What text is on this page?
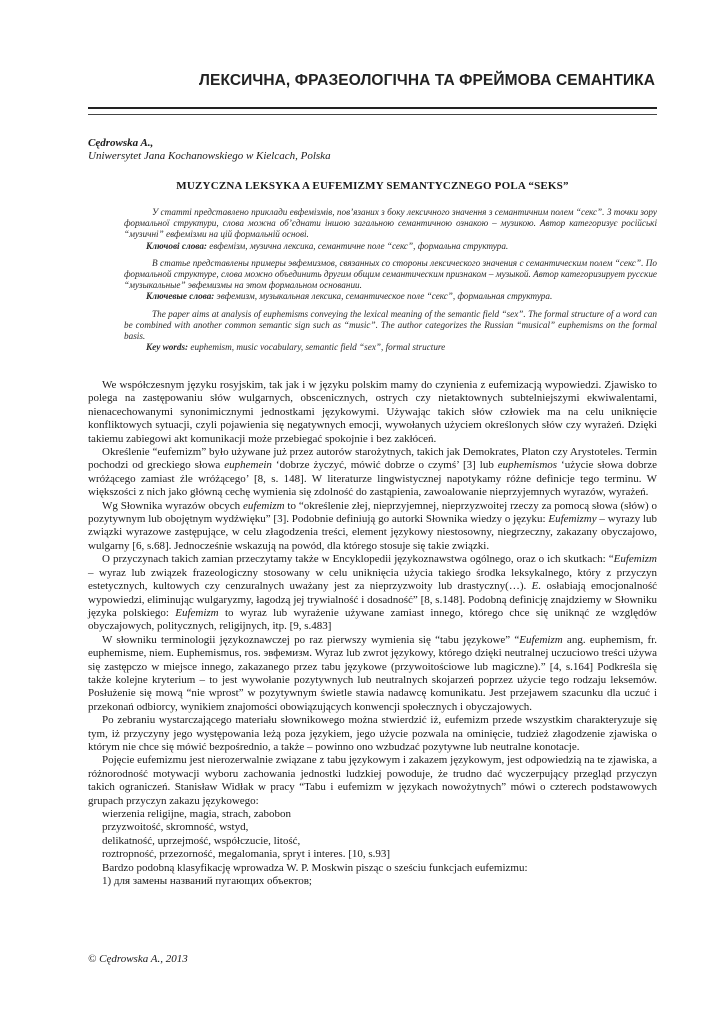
ЛЕКСИЧНА, ФРАЗЕОЛОГІЧНА ТА ФРЕЙМОВА СЕМАНТИКА
Cędrowska A.,
Uniwersytet Jana Kochanowskiego w Kielcach, Polska
MUZYCZNA LEKSYKA A EUFEMIZMY SEMANTYCZNEGO POLA “SEKS”

У статті представлено приклади евфемізмів, пов’язаних з боку лексичного значення з семантичним полем “секс”. З точки зору формальної структури, слова можна об’єднати іншою загальною семантичною ознакою – музикою. Автор категоризує російські “музичні” евфемізми на цій формальній основі.

Ключові слова: евфемізм, музична лексика, семантичне поле “секс”, формальна структура.

В статье представлены примеры эвфемизмов, связанных со стороны лексического значения с семантическим полем “секс”. По формальной структуре, слова можно объединить другим общим семантическим признаком – музыкой. Автор категоризирует русские “музыкальные” эвфемизмы на этом формальном основании.

Ключевые слова: эвфемизм, музыкальная лексика, семантическое поле “секс”, формальная структура.

The paper aims at analysis of euphemisms conveying the lexical meaning of the semantic field “sex”. The formal structure of a word can be combined with another common semantic sign such as “music”. The author categorizes the Russian “musical” euphemisms on the formal basis.

Key words: euphemism, music vocabulary, semantic field “sex”, formal structure

We współczesnym języku rosyjskim, tak jak i w języku polskim mamy do czynienia z eufemizacją wypowiedzi. Zjawisko to polega na zastępowaniu słów wulgarnych, obscenicznych, ostrych czy nietaktownych subtelniejszymi ekwiwalentami, nienacechowanymi synonimicznymi jednostkami językowymi. Używając takich słów człowiek ma na celu uniknięcie konfliktowych sytuacji, czyli pojawienia się negatywnych emocji, wywołanych użyciem określonych słów czy wyrażeń. Dzięki takiemu zabiegowi akt komunikacji może przebiegać spokojnie i bez zakłóceń.

Określenie “eufemizm” było używane już przez autorów starożytnych, takich jak Demokrates, Platon czy Arystoteles. Termin pochodzi od greckiego słowa euphemein ‘dobrze życzyć, mówić dobrze o czymś’ [3] lub euphemismos ‘użycie słowa dobrze wróżącego zamiast źle wróżącego’ [8, s. 148]. W literaturze lingwistycznej napotykamy różne definicje tego terminu. W większości z nich jako główną cechę wymienia się zdolność do zastąpienia, zawoalowanie nieprzyjemnych wyrazów, wyrażeń.

Wg Słownika wyrazów obcych eufemizm to “określenie złej, nieprzyjemnej, nieprzyzwoitej rzeczy za pomocą słowa (słów) o pozytywnym lub obojętnym wydźwięku” [3]. Podobnie definiują go autorki Słownika wiedzy o języku: Eufemizmy – wyrazy lub związki wyrazowe zastępujące, w celu złagodzenia treści, element językowy niestosowny, niegrzeczny, zakazany obyczajowo, wulgarny [6, s.68]. Jednocześnie wskazują na powód, dla którego stosuje się takie związki.

O przyczynach takich zamian przeczytamy także w Encyklopedii językoznawstwa ogólnego, oraz o ich skutkach: “Eufemizm – wyraz lub związek frazeologiczny stosowany w celu uniknięcia użycia takiego środka leksykalnego, który z przyczyn estetycznych, kultowych czy cenzuralnych uważany jest za nieprzyzwoity lub drastyczny(…). E. osłabiają emocjonalność wypowiedzi, eliminując wulgaryzmy, łagodzą jej trywialność i dosadność” [8, s.148]. Podobną definicję znajdziemy w Słowniku języka polskiego: Eufemizm to wyraz lub wyrażenie używane zamiast innego, którego chce się uniknąć ze względów obyczajowych, politycznych, religijnych, itp. [9, s.483]

W słowniku terminologii językoznawczej po raz pierwszy wymienia się “tabu językowe” “Eufemizm ang. euphemism, fr. euphemisme, niem. Euphemismus, ros. эвфемизм. Wyraz lub zwrot językowy, którego dzięki neutralnej uczuciowo treści używa się zastępczo w miejsce innego, zakazanego przez tabu językowe (przywoitościowe lub magiczne).” [4, s.164] Podkreśla się także kolejne kryterium – to jest wywołanie pozytywnych lub neutralnych skojarzeń poprzez użycie tego rodzaju leksemów. Posłużenie się mową “nie wprost” w pozytywnym świetle stawia nadawcę komunikatu. Jest przejawem szacunku dla uczuć i przekonań odbiorcy, wynikiem znajomości obowiązujących konwencji społecznych i obyczajowych.

Po zebraniu wystarczającego materiału słownikowego można stwierdzić iż, eufemizm przede wszystkim charakteryzuje się tym, iż przyczyny jego występowania leżą poza językiem, jego użycie pozwala na ominięcie, tudzież złagodzenie zjawiska o którym nie chce się mówić bezpośrednio, a także – powinno ono wzbudzać pozytywne lub neutralne konotacje.

Pojęcie eufemizmu jest nierozerwalnie związane z tabu językowym i zakazem językowym, jest odpowiedzią na te zjawiska, a różnorodność motywacji wyboru zachowania jednostki ludzkiej powoduje, że trudno dać wyczerpujący przegląd przyczyn takich ograniczeń. Stanisław Widłak w pracy “Tabu i eufemizm w językach nowożytnych” mówi o czterech podstawowych grupach przyczyn zakazu językowego:

wierzenia religijne, magia, strach, zabobon
przyzwoitość, skromność, wstyd,
delikatność, uprzejmość, współczucie, litość,
roztropność, przezorność, megalomania, spryt i interes. [10, s.93]

Bardzo podobną klasyfikację wprowadza W. P. Moskwin pisząc o sześciu funkcjach eufemizmu:

1) для замены названий пугающих объектов;

© Cędrowska A., 2013
